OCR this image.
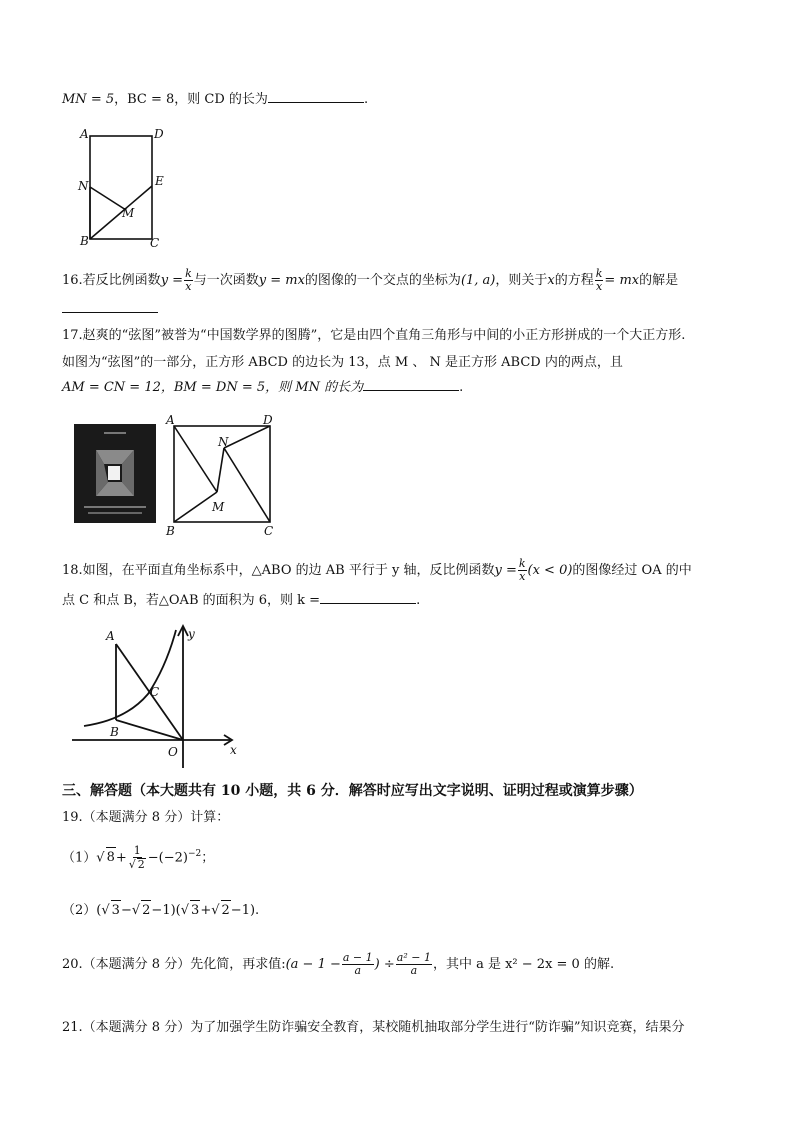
MN = 5，BC = 8，则 CD 的长为	.
A	D
N	E
M
B	C
16.若反比例函数$y = \frac{k}{x}$ 与一次函数y = mx的图像的一个交点的坐标为(1, a)，则关于x的方程 $\frac{k}{x}$ = mx的解是
17.赵爽的“弦图”被誉为“中国数学界的图腾”，它是由四个直角三角形与中间的小正方形拼成的一个大正方形.
如图为“弦图”的一部分，正方形 ABCD 的边长为 13，点 M 、 N 是正方形 ABCD 内的两点，且
AM = CN = 12，BM = DN = 5，则 MN 的长为	.
A	D
N
M
B	C
18.如图，在平面直角坐标系中，△ABO 的边 AB 平行于 y 轴，反比例函数$y = \frac{k}{x} (x < 0)$的图像经过 OA 的中
点 C 和点 B，若△OAB 的面积为 6，则 k =	.
A	y
C
B
O	x
三、解答题（本大题共有 10 小题，共 6 分．解答时应写出文字说明、证明过程或演算步骤）
19.（本题满分 8 分）计算：
（1）√ $8+ \frac{1}{√ 2} -(-2)^{-2}$；
（2）(√ 3−√ 2−1)(√ 3+√ 2−1).
20.（本题满分 8 分）先化简，再求值:(a − $1 - \frac{a - 1}{a}$ ) ÷ $\frac{\text{a² − 1}}{a}$ ，其中 a 是 x² − 2x = 0 的解.
21.（本题满分 8 分）为了加强学生防诈骗安全教育，某校随机抽取部分学生进行“防诈骗”知识竞赛，结果分
